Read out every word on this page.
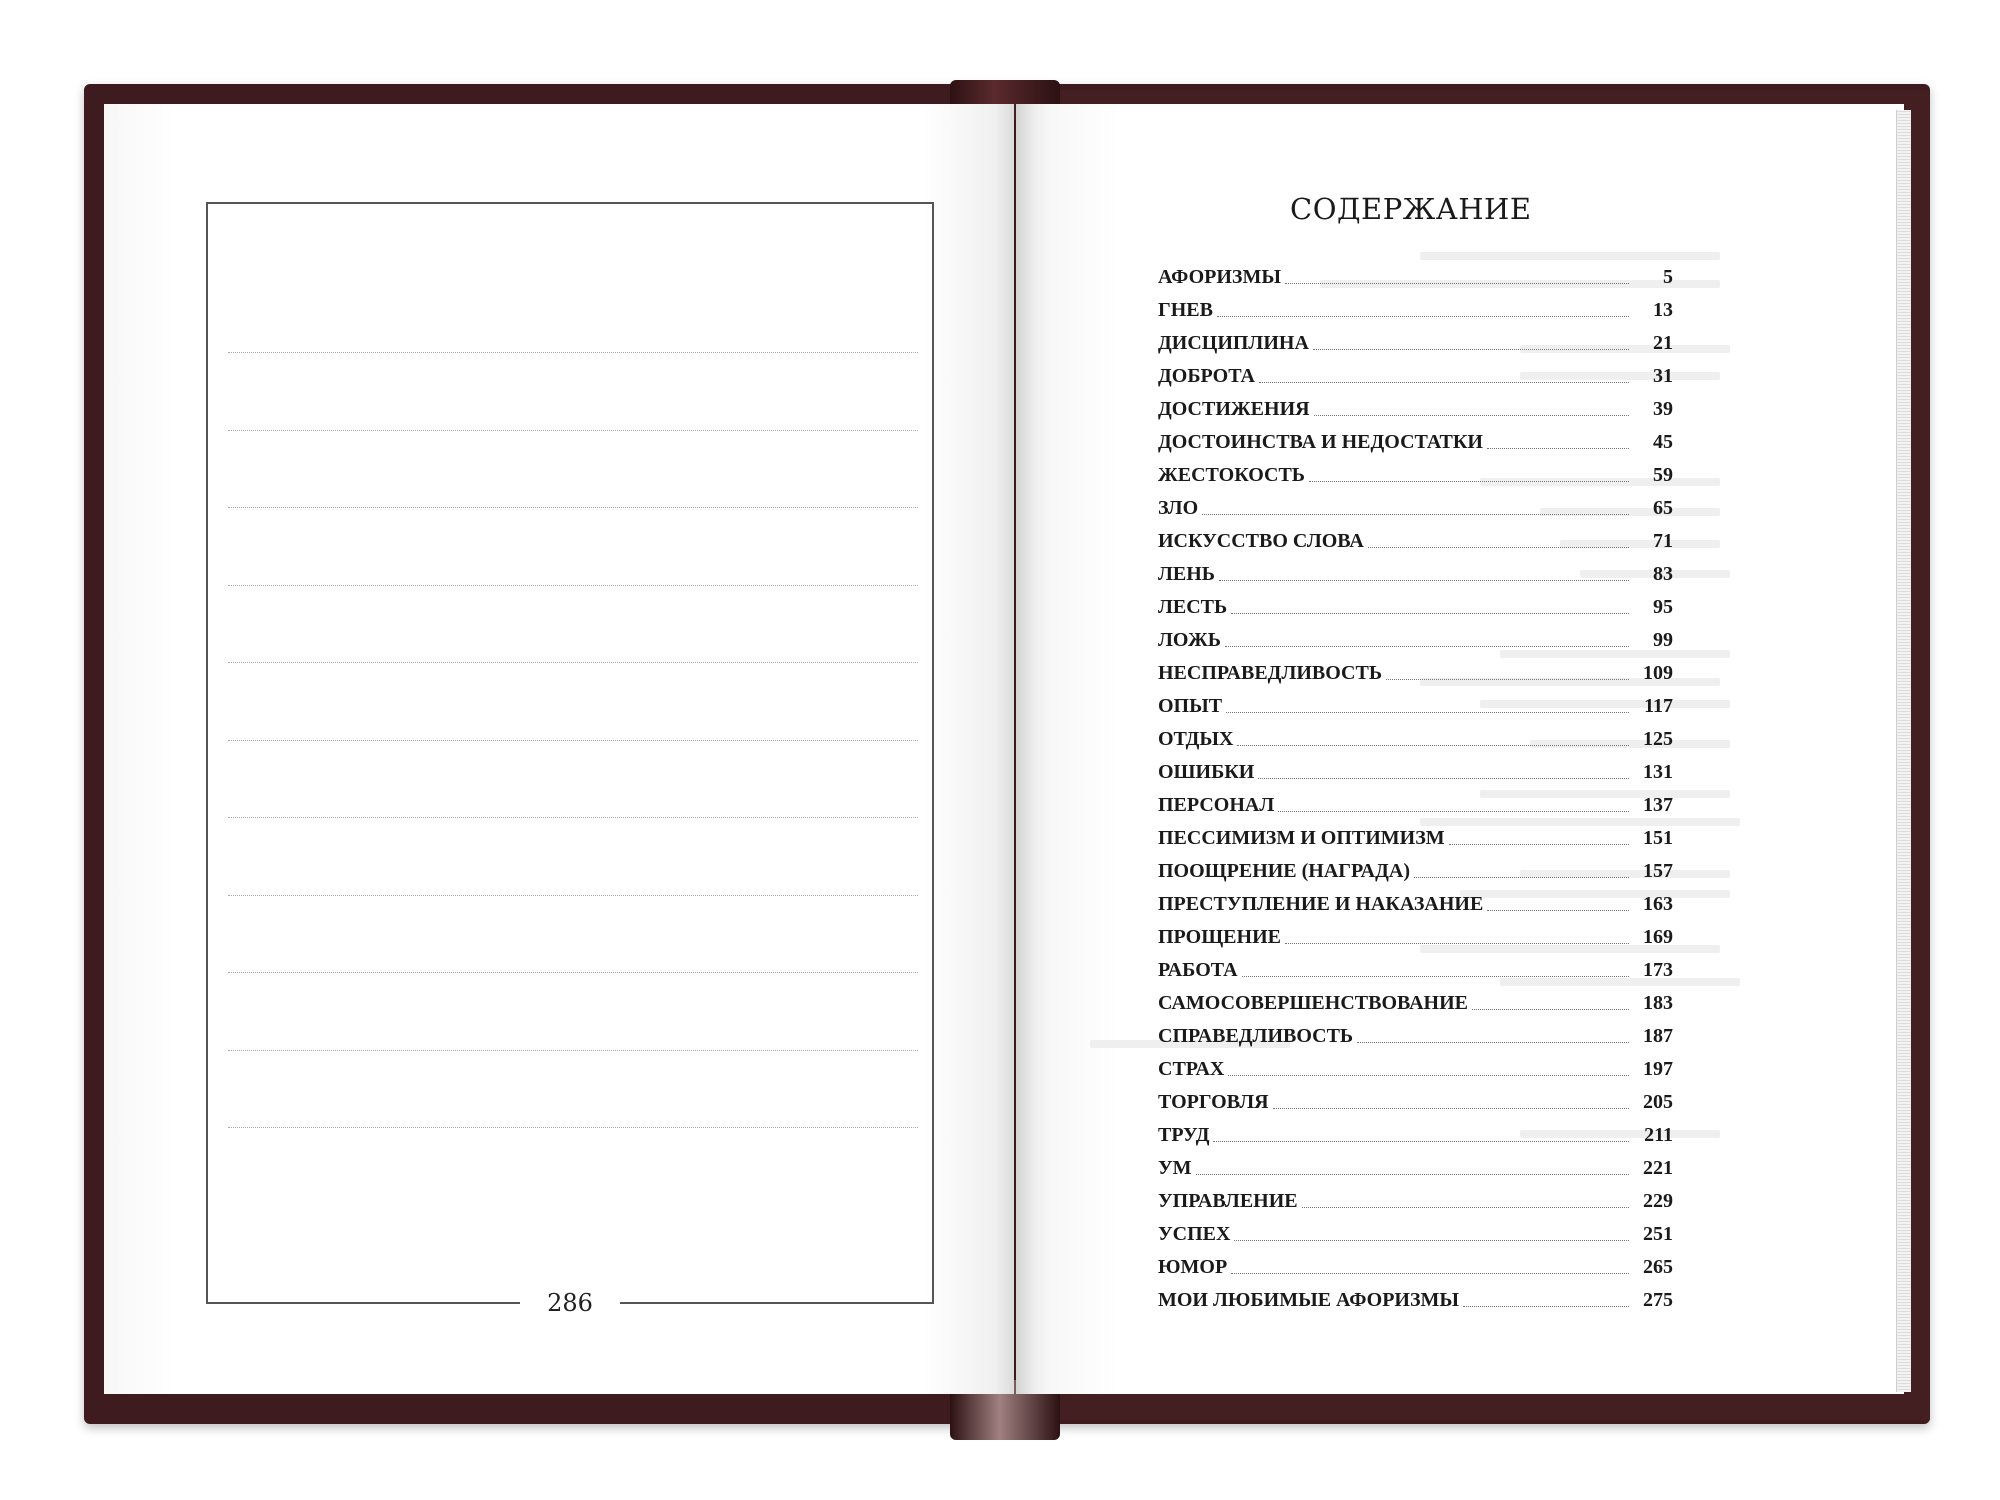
286
СОДЕРЖАНИЕ
АФОРИЗМЫ	5
ГНЕВ	13
ДИСЦИПЛИНА	21
ДОБРОТА	31
ДОСТИЖЕНИЯ	39
ДОСТОИНСТВА И НЕДОСТАТКИ	45
ЖЕСТОКОСТЬ	59
ЗЛО	65
ИСКУССТВО СЛОВА	71
ЛЕНЬ	83
ЛЕСТЬ	95
ЛОЖЬ	99
НЕСПРАВЕДЛИВОСТЬ	109
ОПЫТ	117
ОТДЫХ	125
ОШИБКИ	131
ПЕРСОНАЛ	137
ПЕССИМИЗМ И ОПТИМИЗМ	151
ПООЩРЕНИЕ (НАГРАДА)	157
ПРЕСТУПЛЕНИЕ И НАКАЗАНИЕ	163
ПРОЩЕНИЕ	169
РАБОТА	173
САМОСОВЕРШЕНСТВОВАНИЕ	183
СПРАВЕДЛИВОСТЬ	187
СТРАХ	197
ТОРГОВЛЯ	205
ТРУД	211
УМ	221
УПРАВЛЕНИЕ	229
УСПЕХ	251
ЮМОР	265
МОИ ЛЮБИМЫЕ АФОРИЗМЫ	275
